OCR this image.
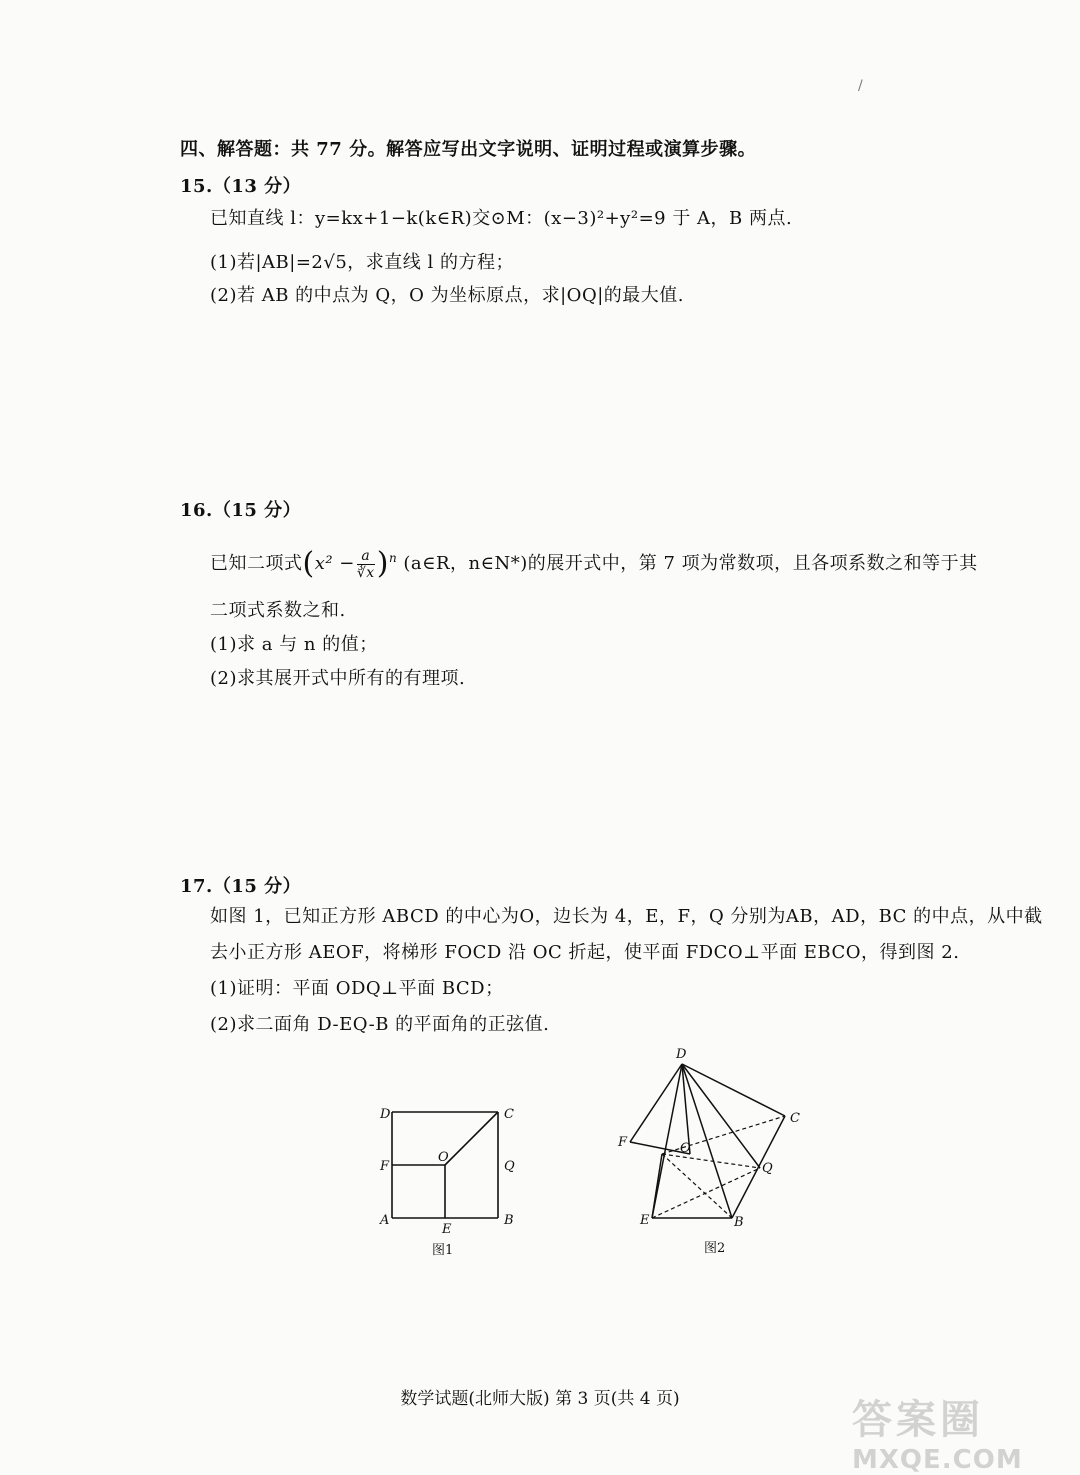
/
四、解答题：共 77 分。解答应写出文字说明、证明过程或演算步骤。
15.（13 分）
已知直线 l：y=kx+1−k(k∈R)交⊙M：(x−3)²+y²=9 于 A，B 两点.
(1)若|AB|=2√5，求直线 l 的方程；
(2)若 AB 的中点为 Q，O 为坐标原点，求|OQ|的最大值.
16.（15 分）
已知二项式$(x^2 - \frac{a}{∛x} )^n$ (a∈R，n∈N*)的展开式中，第 7 项为常数项，且各项系数之和等于其
二项式系数之和.
(1)求 a 与 n 的值；
(2)求其展开式中所有的有理项.
17.（15 分）
如图 1，已知正方形 ABCD 的中心为O，边长为 4，E，F，Q 分别为AB，AD，BC 的中点，从中截
去小正方形 AEOF，将梯形 FOCD 沿 OC 折起，使平面 FDCO⊥平面 EBCO，得到图 2.
(1)证明：平面 ODQ⊥平面 BCD；
(2)求二面角 D-EQ-B 的平面角的正弦值.
D	C
F
O
Q
A
E
B
图1
D
C
F	O
Q
E	B
图2
数学试题(北师大版) 第 3 页(共 4 页)	答案圈
MXQE.COM
